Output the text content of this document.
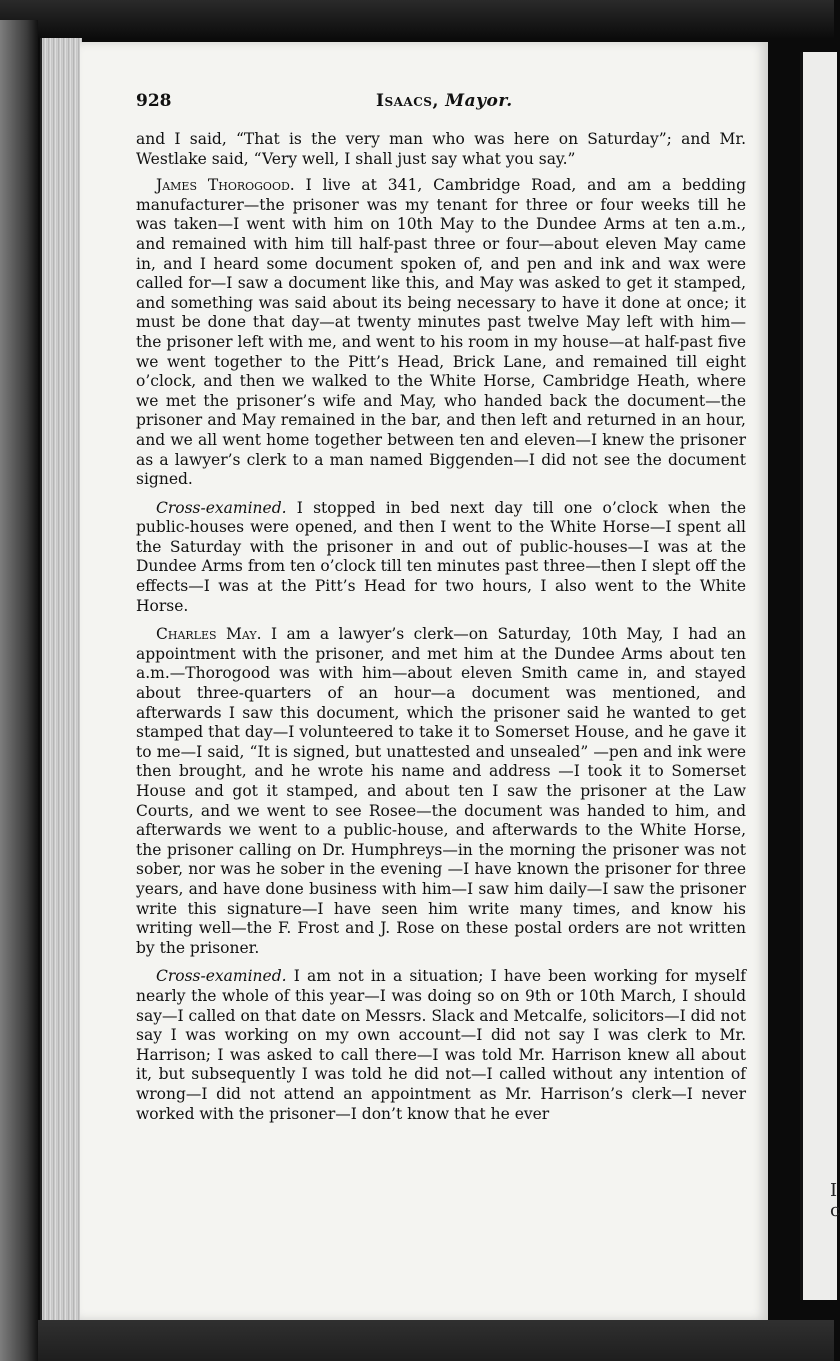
I
c
928	Isaacs, Mayor.

and I said, “That is the very man who was here on Saturday”; and Mr. Westlake said, “Very well, I shall just say what you say.”

James Thorogood. I live at 341, Cambridge Road, and am a bedding manufacturer—the prisoner was my tenant for three or four weeks till he was taken—I went with him on 10th May to the Dundee Arms at ten a.m., and remained with him till half-past three or four—about eleven May came in, and I heard some document spoken of, and pen and ink and wax were called for—I saw a document like this, and May was asked to get it stamped, and something was said about its being necessary to have it done at once; it must be done that day—at twenty minutes past twelve May left with him—the prisoner left with me, and went to his room in my house—at half-past five we went together to the Pitt’s Head, Brick Lane, and remained till eight o’clock, and then we walked to the White Horse, Cambridge Heath, where we met the prisoner’s wife and May, who handed back the document—the prisoner and May remained in the bar, and then left and returned in an hour, and we all went home together between ten and eleven—I knew the prisoner as a lawyer’s clerk to a man named Biggenden—I did not see the document signed.

Cross-examined. I stopped in bed next day till one o’clock when the public-houses were opened, and then I went to the White Horse—I spent all the Saturday with the prisoner in and out of public-houses—I was at the Dundee Arms from ten o’clock till ten minutes past three—then I slept off the effects—I was at the Pitt’s Head for two hours, I also went to the White Horse.

Charles May. I am a lawyer’s clerk—on Saturday, 10th May, I had an appointment with the prisoner, and met him at the Dundee Arms about ten a.m.—Thorogood was with him—about eleven Smith came in, and stayed about three-quarters of an hour—a document was mentioned, and afterwards I saw this document, which the prisoner said he wanted to get stamped that day—I volunteered to take it to Somerset House, and he gave it to me—I said, “It is signed, but unattested and unsealed” —pen and ink were then brought, and he wrote his name and address —I took it to Somerset House and got it stamped, and about ten I saw the prisoner at the Law Courts, and we went to see Rosee—the document was handed to him, and afterwards we went to a public-house, and afterwards to the White Horse, the prisoner calling on Dr. Humphreys—in the morning the prisoner was not sober, nor was he sober in the evening —I have known the prisoner for three years, and have done business with him—I saw him daily—I saw the prisoner write this signature—I have seen him write many times, and know his writing well—the F. Frost and J. Rose on these postal orders are not written by the prisoner.

Cross-examined. I am not in a situation; I have been working for myself nearly the whole of this year—I was doing so on 9th or 10th March, I should say—I called on that date on Messrs. Slack and Metcalfe, solicitors—I did not say I was working on my own account—I did not say I was clerk to Mr. Harrison; I was asked to call there—I was told Mr. Harrison knew all about it, but subsequently I was told he did not—I called without any intention of wrong—I did not attend an appointment as Mr. Harrison’s clerk—I never worked with the prisoner—I don’t know that he ever
